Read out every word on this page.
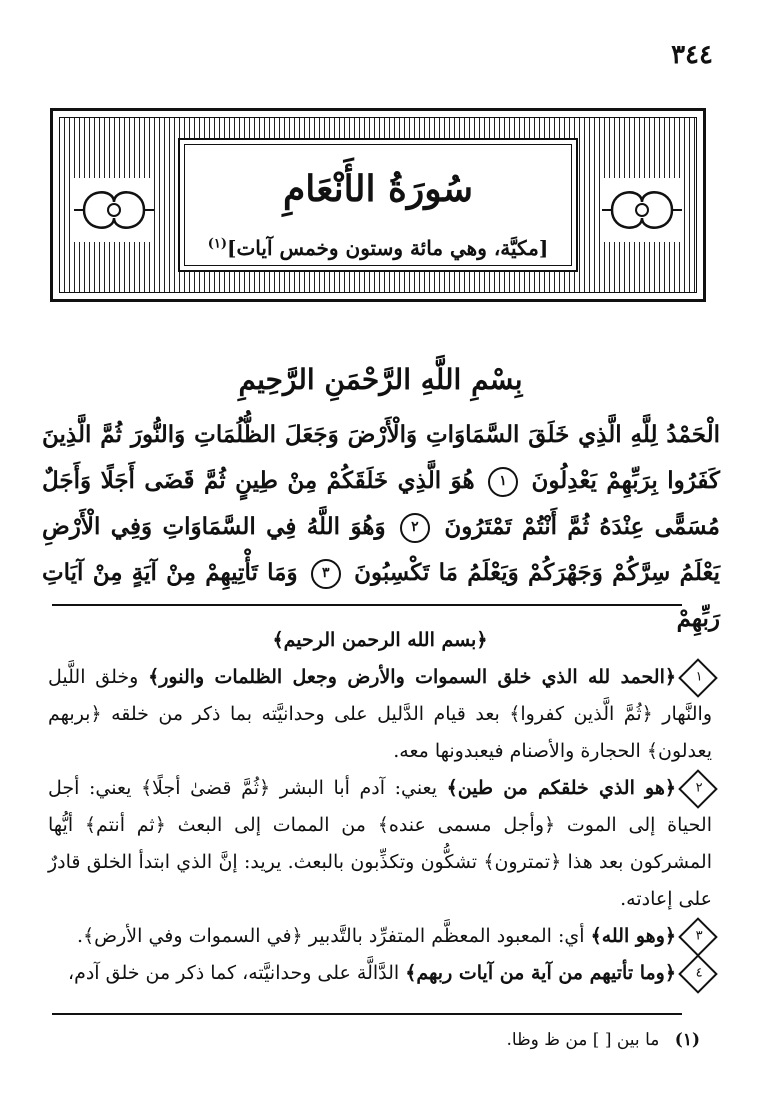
٣٤٤
سُورَةُ الأَنْعَامِ
[مكيَّة، وهي مائة وستون وخمس آيات]$^{(١)}$
بِسْمِ اللَّهِ الرَّحْمَنِ الرَّحِيمِ
الْحَمْدُ لِلَّهِ الَّذِي خَلَقَ السَّمَاوَاتِ وَالْأَرْضَ وَجَعَلَ الظُّلُمَاتِ وَالنُّورَ ثُمَّ الَّذِينَ كَفَرُوا بِرَبِّهِمْ يَعْدِلُونَ ١ هُوَ الَّذِي خَلَقَكُمْ مِنْ طِينٍ ثُمَّ قَضَى أَجَلًا وَأَجَلٌ مُسَمًّى عِنْدَهُ ثُمَّ أَنْتُمْ تَمْتَرُونَ ٢ وَهُوَ اللَّهُ فِي السَّمَاوَاتِ وَفِي الْأَرْضِ يَعْلَمُ سِرَّكُمْ وَجَهْرَكُمْ وَيَعْلَمُ مَا تَكْسِبُونَ ٣ وَمَا تَأْتِيهِمْ مِنْ آيَةٍ مِنْ آيَاتِ رَبِّهِمْ

﴿بسم الله الرحمن الرحيم﴾

١﴿الحمد لله الذي خلق السموات والأرض وجعل الظلمات والنور﴾ وخلق اللَّيل والنَّهار ﴿ثُمَّ الَّذين كفروا﴾ بعد قيام الدَّليل على وحدانيَّته بما ذكر من خلقه ﴿بربهم يعدلون﴾ الحجارة والأصنام فيعبدونها معه.

٢﴿هو الذي خلقكم من طين﴾ يعني: آدم أبا البشر ﴿ثُمَّ قضىٰ أجلًا﴾ يعني: أجل الحياة إلى الموت ﴿وأجل مسمى عنده﴾ من الممات إلى البعث ﴿ثم أنتم﴾ أيُّها المشركون بعد هذا ﴿تمترون﴾ تشكُّون وتكذِّبون بالبعث. يريد: إنَّ الذي ابتدأ الخلق قادرٌ على إعادته.

٣﴿وهو الله﴾ أي: المعبود المعظَّم المتفرِّد بالتَّدبير ﴿في السموات وفي الأرض﴾.

٤﴿وما تأتيهم من آية من آيات ربهم﴾ الدَّالَّة على وحدانيَّته، كما ذكر من خلق آدم،

(١) ما بين [ ] من ظ وظا.
